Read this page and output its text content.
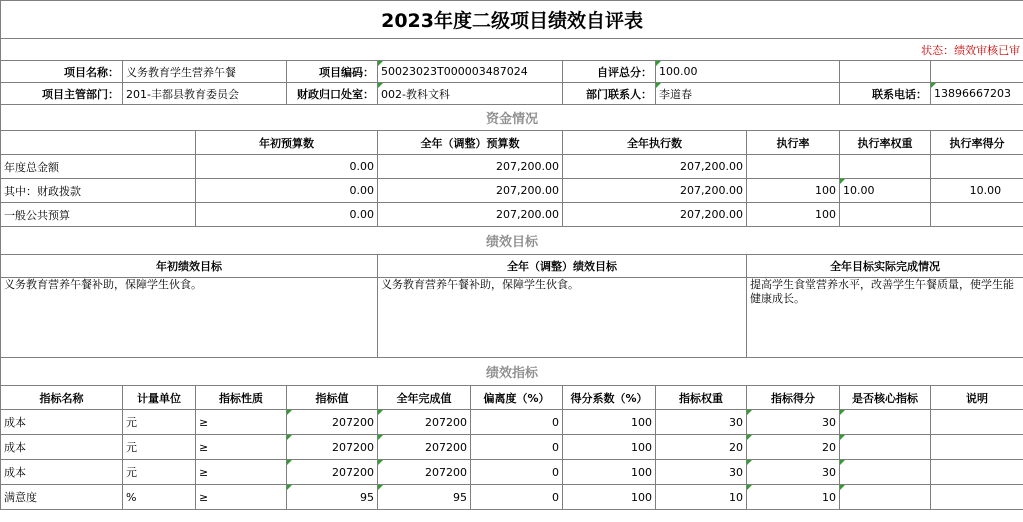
2023年度二级项目绩效自评表										
状态：绩效审核已审										
项目名称：	义务教育学生营养午餐		项目编码：	50023023T000003487024		自评总分：	100.00			
项目主管部门：	201-丰都县教育委员会		财政归口处室：	002-教科文科		部门联系人：	李道春		联系电话：	13896667203
资金情况										
		年初预算数		全年（调整）预算数		全年执行数		执行率	执行率权重	执行率得分
年度总金额		0.00		207,200.00		207,200.00				
其中：财政拨款		0.00		207,200.00		207,200.00		100	10.00	10.00
一般公共预算		0.00		207,200.00		207,200.00		100		
绩效目标										
年初绩效目标				全年（调整）绩效目标				全年目标实际完成情况		
义务教育营养午餐补助，保障学生伙食。				义务教育营养午餐补助，保障学生伙食。				提高学生食堂营养水平，改善学生午餐质量，使学生能健康成长。		
绩效指标										
指标名称	计量单位	指标性质	指标值	全年完成值	偏离度（%）	得分系数（%）	指标权重	指标得分	是否核心指标	说明
成本	元	≥	207200	207200	0	100	30	30		
成本	元	≥	207200	207200	0	100	20	20		
成本	元	≥	207200	207200	0	100	30	30		
满意度	%	≥	95	95	0	100	10	10		
